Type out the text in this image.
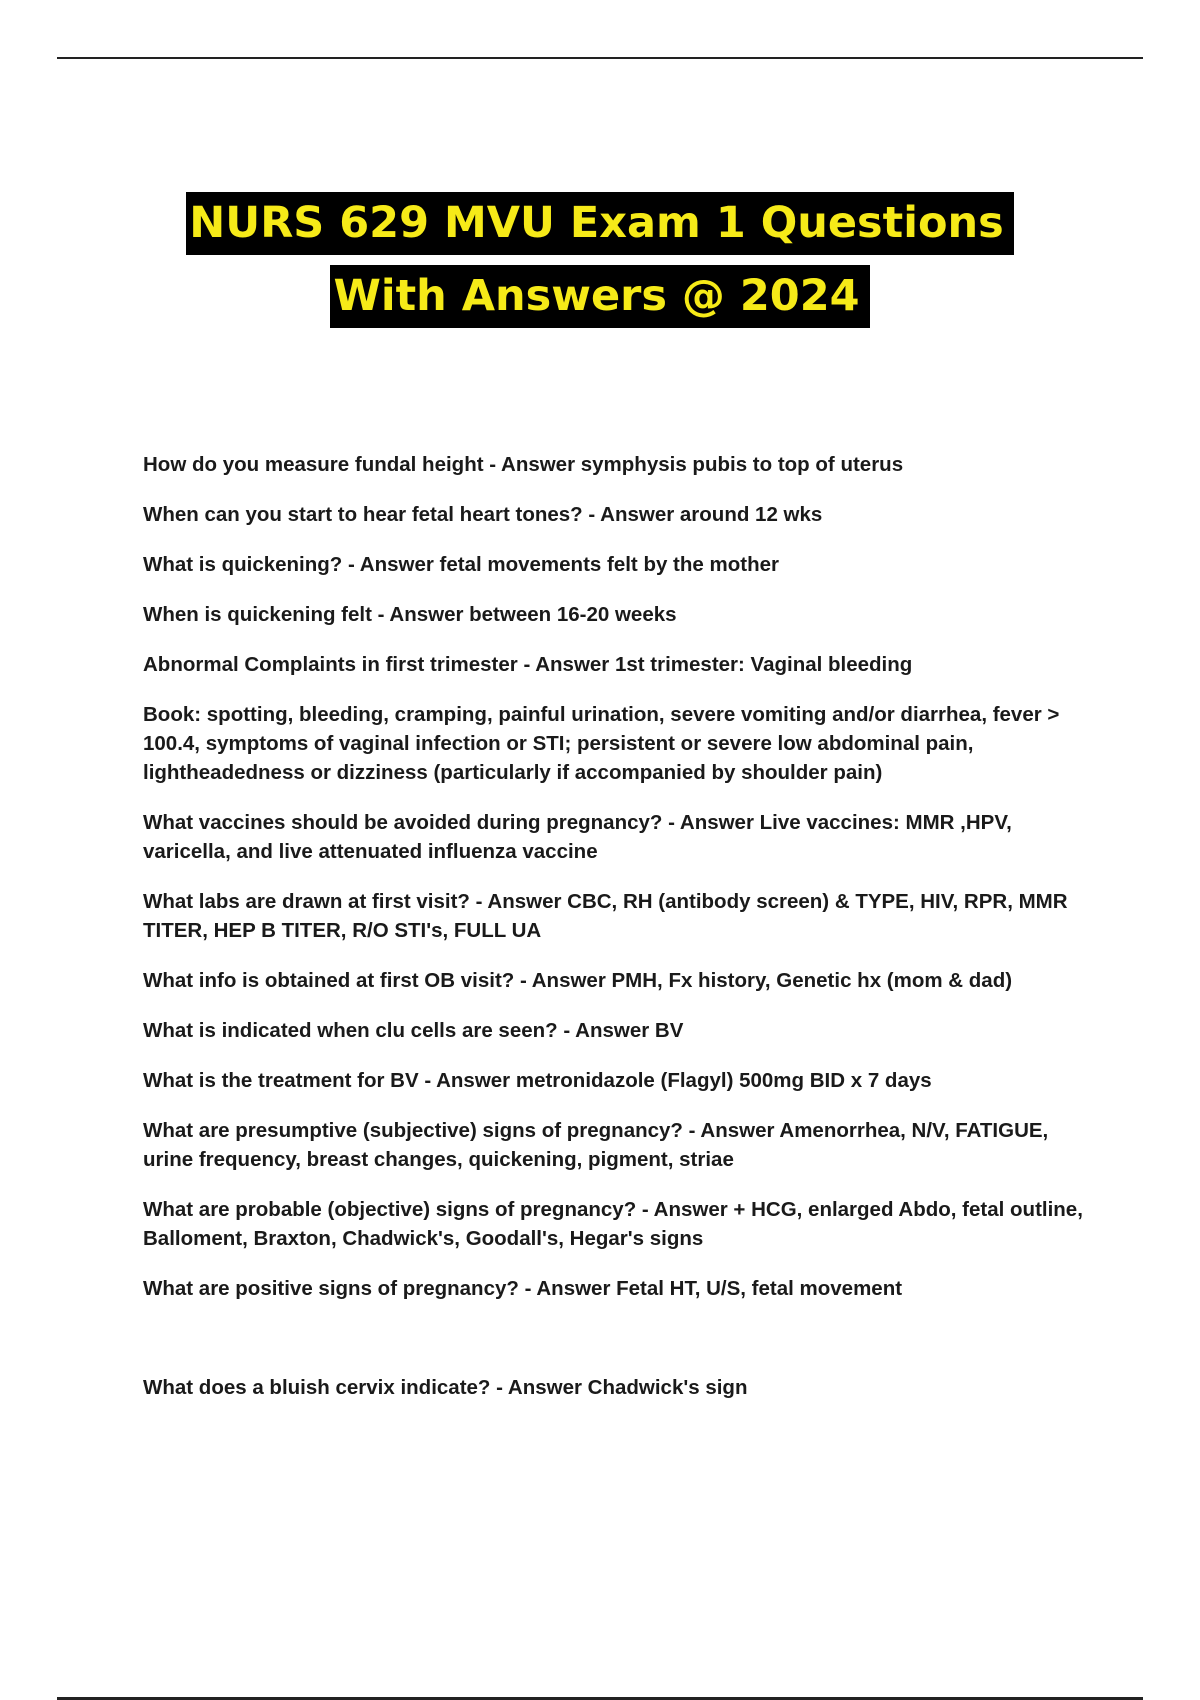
NURS 629 MVU Exam 1 Questions
With Answers @ 2024
How do you measure fundal height - Answer symphysis pubis to top of uterus
When can you start to hear fetal heart tones? - Answer around 12 wks
What is quickening? - Answer fetal movements felt by the mother
When is quickening felt - Answer between 16-20 weeks
Abnormal Complaints in first trimester - Answer 1st trimester: Vaginal bleeding
Book: spotting, bleeding, cramping, painful urination, severe vomiting and/or diarrhea, fever > 100.4, symptoms of vaginal infection or STI; persistent or severe low abdominal pain, lightheadedness or dizziness (particularly if accompanied by shoulder pain)
What vaccines should be avoided during pregnancy? - Answer Live vaccines: MMR ,HPV, varicella, and live attenuated influenza vaccine
What labs are drawn at first visit? - Answer CBC, RH (antibody screen) & TYPE, HIV, RPR, MMR TITER, HEP B TITER, R/O STI's, FULL UA
What info is obtained at first OB visit? - Answer PMH, Fx history, Genetic hx (mom & dad)
What is indicated when clu cells are seen? - Answer BV
What is the treatment for BV - Answer metronidazole (Flagyl) 500mg BID x 7 days
What are presumptive (subjective) signs of pregnancy? - Answer Amenorrhea, N/V, FATIGUE, urine frequency, breast changes, quickening, pigment, striae
What are probable (objective) signs of pregnancy? - Answer + HCG, enlarged Abdo, fetal outline, Balloment, Braxton, Chadwick's, Goodall's, Hegar's signs
What are positive signs of pregnancy? - Answer Fetal HT, U/S, fetal movement
What does a bluish cervix indicate? - Answer Chadwick's sign
